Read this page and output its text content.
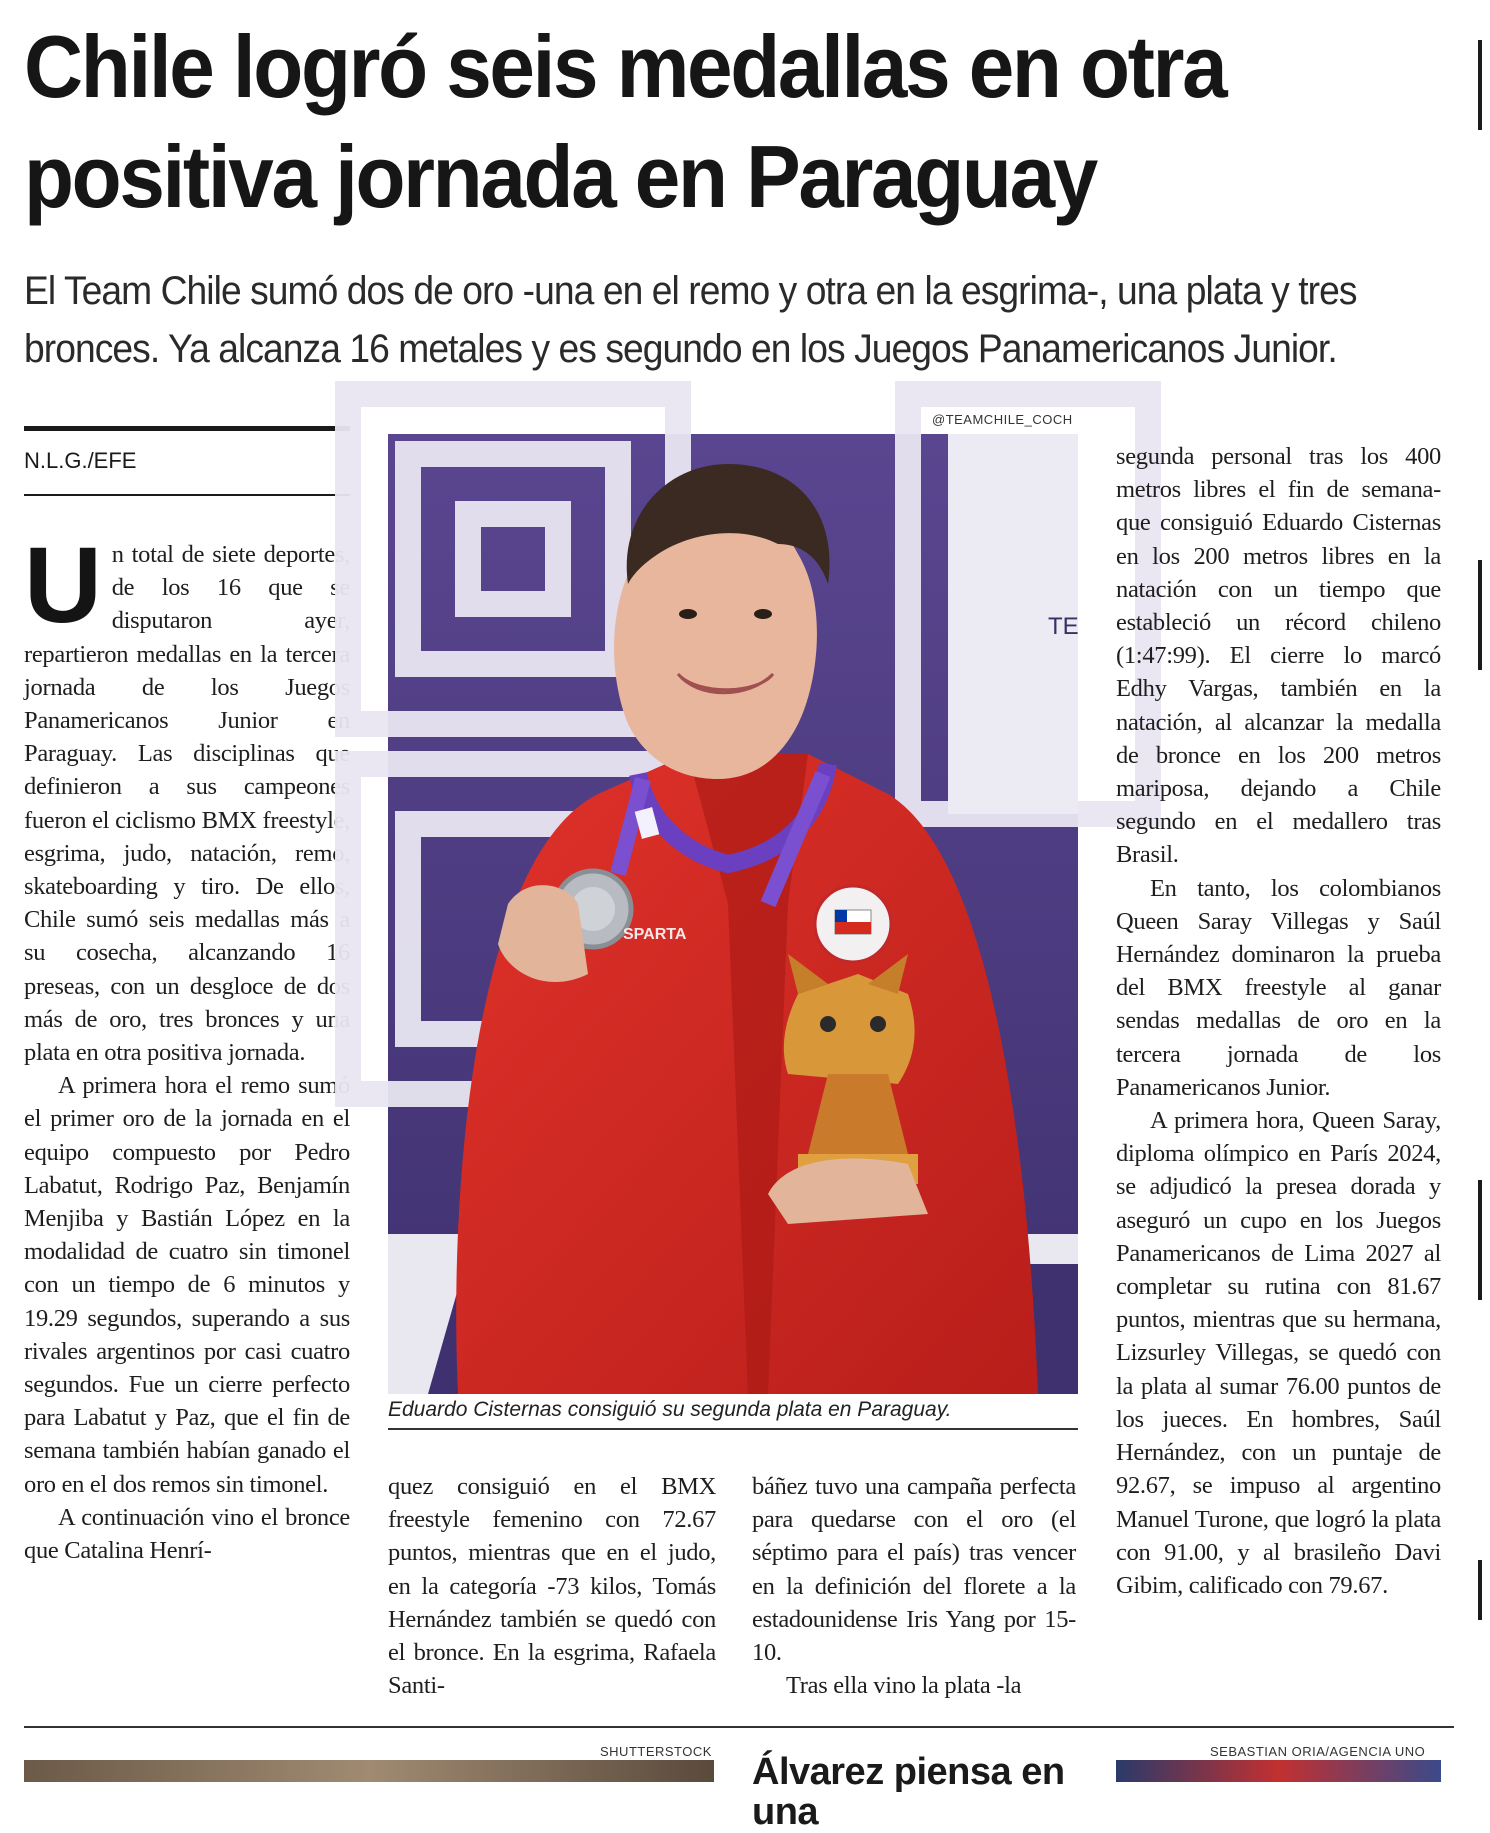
Chile logró seis medallas en otra positiva jornada en Paraguay

El Team Chile sumó dos de oro -una en el remo y otra en la esgrima-, una plata y tres bronces. Ya alcanza 16 metales y es segundo en los Juegos Panamericanos Junior.

N.L.G./EFE

Un total de siete deportes, de los 16 que se disputaron ayer, repartieron medallas en la tercera jornada de los Juegos Panamericanos Junior en Paraguay. Las disciplinas que definieron a sus campeones fueron el ciclismo BMX freestyle, esgrima, judo, natación, remo, skateboarding y tiro. De ellos, Chile sumó seis medallas más a su cosecha, alcanzando 16 preseas, con un desgloce de dos más de oro, tres bronces y una plata en otra positiva jornada.

A primera hora el remo sumó el primer oro de la jornada en el equipo compuesto por Pedro Labatut, Rodrigo Paz, Benjamín Menjiba y Bastián López en la modalidad de cuatro sin timonel con un tiempo de 6 minutos y 19.29 segundos, superando a sus rivales argentinos por casi cuatro segundos. Fue un cierre perfecto para Labatut y Paz, que el fin de semana también habían ganado el oro en el dos remos sin timonel.

A continuación vino el bronce que Catalina Henrí-

@TEAMCHILE_COCH
TE
SPARTA
Eduardo Cisternas consiguió su segunda plata en Paraguay.

quez consiguió en el BMX freestyle femenino con 72.67 puntos, mientras que en el judo, en la categoría -73 kilos, Tomás Hernández también se quedó con el bronce. En la esgrima, Rafaela Santi-

báñez tuvo una campaña perfecta para quedarse con el oro (el séptimo para el país) tras vencer en la definición del florete a la estadounidense Iris Yang por 15-10.

Tras ella vino la plata -la

segunda personal tras los 400 metros libres el fin de semana- que consiguió Eduardo Cisternas en los 200 metros libres en la natación con un tiempo que estableció un récord chileno (1:47:99). El cierre lo marcó Edhy Vargas, también en la natación, al alcanzar la medalla de bronce en los 200 metros mariposa, dejando a Chile segundo en el medallero tras Brasil.

En tanto, los colombianos Queen Saray Villegas y Saúl Hernández dominaron la prueba del BMX freestyle al ganar sendas medallas de oro en la tercera jornada de los Panamericanos Junior.

A primera hora, Queen Saray, diploma olímpico en París 2024, se adjudicó la presea dorada y aseguró un cupo en los Juegos Panamericanos de Lima 2027 al completar su rutina con 81.67 puntos, mientras que su hermana, Lizsurley Villegas, se quedó con la plata al sumar 76.00 puntos de los jueces. En hombres, Saúl Hernández, con un puntaje de 92.67, se impuso al argentino Manuel Turone, que logró la plata con 91.00, y al brasileño Davi Gibim, calificado con 79.67.

SHUTTERSTOCK	SEBASTIAN ORIA/AGENCIA UNO
Álvarez piensa en una
